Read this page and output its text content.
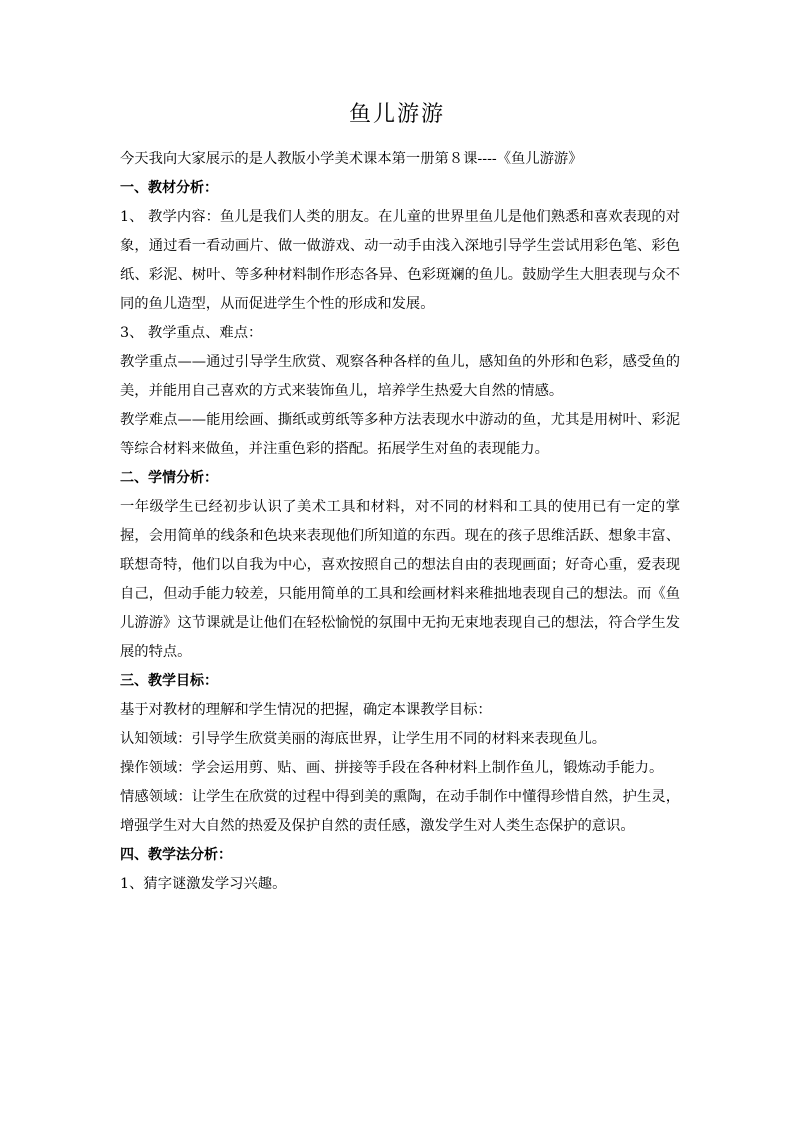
鱼儿游游

今天我向大家展示的是人教版小学美术课本第一册第８课----《鱼儿游游》

一、教材分析：

1、 教学内容：鱼儿是我们人类的朋友。在儿童的世界里鱼儿是他们熟悉和喜欢表现的对象，通过看一看动画片、做一做游戏、动一动手由浅入深地引导学生尝试用彩色笔、彩色纸、彩泥、树叶、等多种材料制作形态各异、色彩斑斓的鱼儿。鼓励学生大胆表现与众不同的鱼儿造型，从而促进学生个性的形成和发展。

3、 教学重点、难点：

教学重点——通过引导学生欣赏、观察各种各样的鱼儿，感知鱼的外形和色彩，感受鱼的美，并能用自己喜欢的方式来装饰鱼儿，培养学生热爱大自然的情感。

教学难点——能用绘画、撕纸或剪纸等多种方法表现水中游动的鱼，尤其是用树叶、彩泥等综合材料来做鱼，并注重色彩的搭配。拓展学生对鱼的表现能力。

二、学情分析：

一年级学生已经初步认识了美术工具和材料，对不同的材料和工具的使用已有一定的掌握，会用简单的线条和色块来表现他们所知道的东西。现在的孩子思维活跃、想象丰富、联想奇特，他们以自我为中心，喜欢按照自己的想法自由的表现画面；好奇心重，爱表现自己，但动手能力较差，只能用简单的工具和绘画材料来稚拙地表现自己的想法。而《鱼儿游游》这节课就是让他们在轻松愉悦的氛围中无拘无束地表现自己的想法，符合学生发展的特点。

三、教学目标：

基于对教材的理解和学生情况的把握，确定本课教学目标：

认知领域：引导学生欣赏美丽的海底世界，让学生用不同的材料来表现鱼儿。

操作领域：学会运用剪、贴、画、拼接等手段在各种材料上制作鱼儿，锻炼动手能力。

情感领域：让学生在欣赏的过程中得到美的熏陶，在动手制作中懂得珍惜自然，护生灵，增强学生对大自然的热爱及保护自然的责任感，激发学生对人类生态保护的意识。

四、教学法分析：

1、猜字谜激发学习兴趣。
